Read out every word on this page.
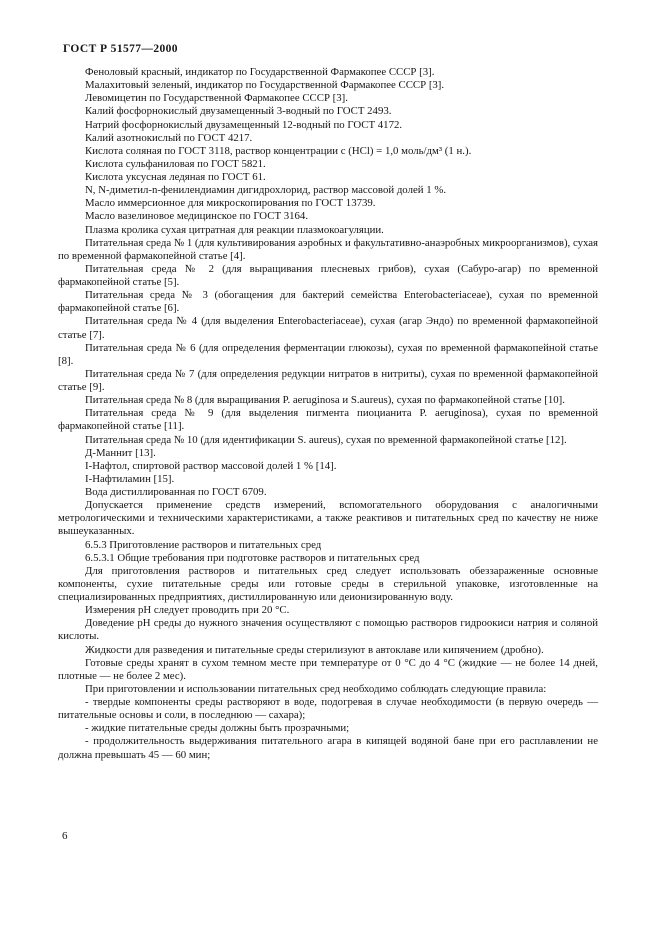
ГОСТ Р 51577—2000

Феноловый красный, индикатор по Государственной Фармакопее СССР [3].

Малахитовый зеленый, индикатор по Государственной Фармакопее СССР [3].

Левомицетин по Государственной Фармакопее СССР [3].

Калий фосфорнокислый двузамещенный 3-водный по ГОСТ 2493.

Натрий фосфорнокислый двузамещенный 12-водный по ГОСТ 4172.

Калий азотнокислый по ГОСТ 4217.

Кислота соляная по ГОСТ 3118, раствор концентрации c (HCl) = 1,0 моль/дм³ (1 н.).

Кислота сульфаниловая по ГОСТ 5821.

Кислота уксусная ледяная по ГОСТ 61.

N, N-диметил-n-фенилендиамин дигидрохлорид, раствор массовой долей 1 %.

Масло иммерсионное для микроскопирования по ГОСТ 13739.

Масло вазелиновое медицинское по ГОСТ 3164.

Плазма кролика сухая цитратная для реакции плазмокоагуляции.

Питательная среда № 1 (для культивирования аэробных и факультативно-анаэробных микроорганизмов), сухая по временной фармакопейной статье [4].

Питательная среда № 2 (для выращивания плесневых грибов), сухая (Сабуро-агар) по временной фармакопейной статье [5].

Питательная среда № 3 (обогащения для бактерий семейства Enterobacteriaceae), сухая по временной фармакопейной статье [6].

Питательная среда № 4 (для выделения Enterobacteriaceae), сухая (агар Эндо) по временной фармакопейной статье [7].

Питательная среда № 6 (для определения ферментации глюкозы), сухая по временной фармакопейной статье [8].

Питательная среда № 7 (для определения редукции нитратов в нитриты), сухая по временной фармакопейной статье [9].

Питательная среда № 8 (для выращивания P. aeruginosa и S.aureus), сухая по фармакопейной статье [10].

Питательная среда № 9 (для выделения пигмента пиоцианита P. aeruginosa), сухая по временной фармакопейной статье [11].

Питательная среда № 10 (для идентификации S. aureus), сухая по временной фармакопейной статье [12].

Д-Маннит [13].

I-Нафтол, спиртовой раствор массовой долей 1 % [14].

I-Нафтиламин [15].

Вода дистиллированная по ГОСТ 6709.

Допускается применение средств измерений, вспомогательного оборудования с аналогичными метрологическими и техническими характеристиками, а также реактивов и питательных сред по качеству не ниже вышеуказанных.

6.5.3 Приготовление растворов и питательных сред

6.5.3.1 Общие требования при подготовке растворов и питательных сред

Для приготовления растворов и питательных сред следует использовать обеззараженные основные компоненты, сухие питательные среды или готовые среды в стерильной упаковке, изготовленные на специализированных предприятиях, дистиллированную или деионизированную воду.

Измерения рН следует проводить при 20 °С.

Доведение рН среды до нужного значения осуществляют с помощью растворов гидроокиси натрия и соляной кислоты.

Жидкости для разведения и питательные среды стерилизуют в автоклаве или кипячением (дробно).

Готовые среды хранят в сухом темном месте при температуре от 0 °С до 4 °С (жидкие — не более 14 дней, плотные — не более 2 мес).

При приготовлении и использовании питательных сред необходимо соблюдать следующие правила:

- твердые компоненты среды растворяют в воде, подогревая в случае необходимости (в первую очередь — питательные основы и соли, в последнюю — сахара);

- жидкие питательные среды должны быть прозрачными;

- продолжительность выдерживания питательного агара в кипящей водяной бане при его расплавлении не должна превышать 45 — 60 мин;

6
